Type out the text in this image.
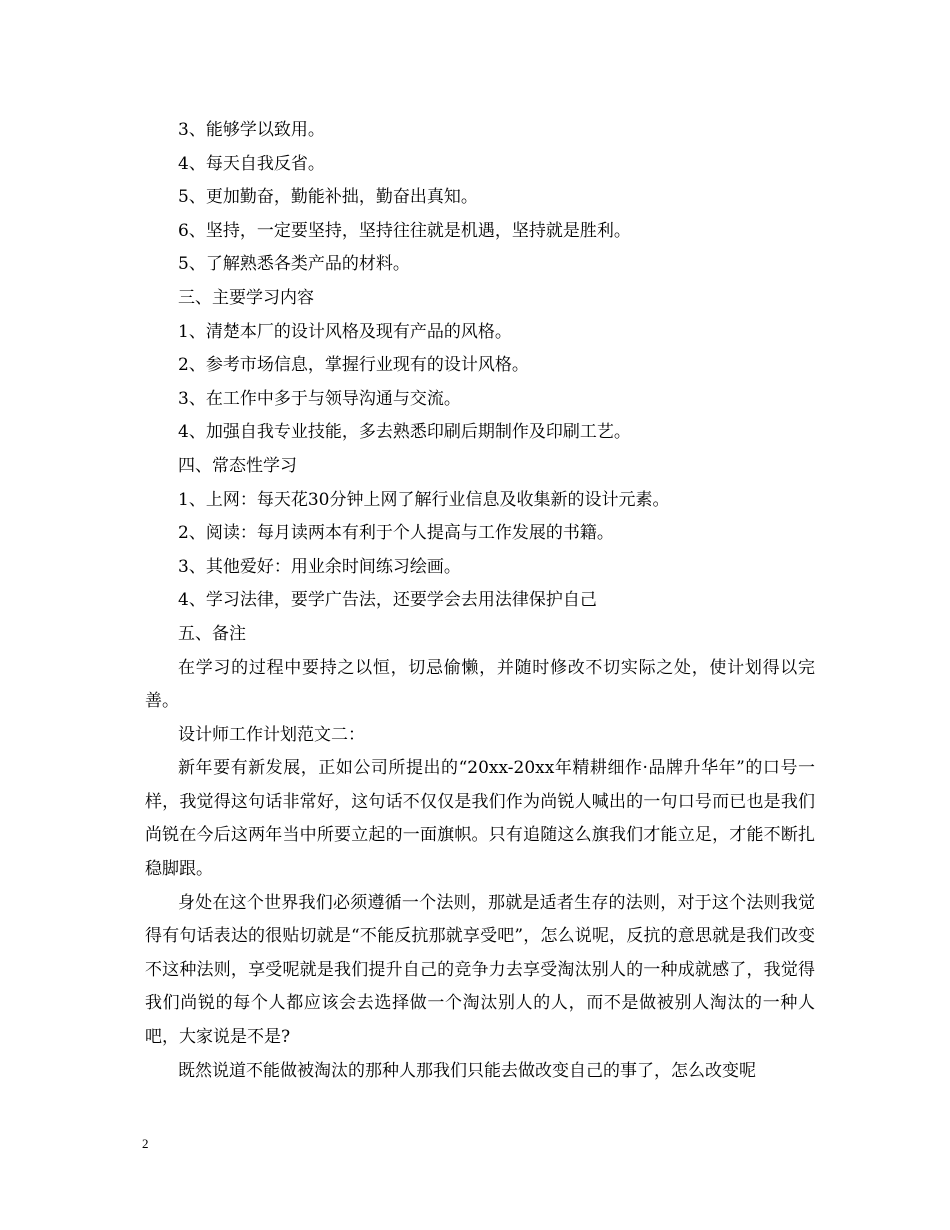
3、能够学以致用。
4、每天自我反省。
5、更加勤奋，勤能补拙，勤奋出真知。
6、坚持，一定要坚持，坚持往往就是机遇，坚持就是胜利。
5、了解熟悉各类产品的材料。
三、主要学习内容
1、清楚本厂的设计风格及现有产品的风格。
2、参考市场信息，掌握行业现有的设计风格。
3、在工作中多于与领导沟通与交流。
4、加强自我专业技能，多去熟悉印刷后期制作及印刷工艺。
四、常态性学习
1、上网：每天花30分钟上网了解行业信息及收集新的设计元素。
2、阅读：每月读两本有利于个人提高与工作发展的书籍。
3、其他爱好：用业余时间练习绘画。
4、学习法律，要学广告法，还要学会去用法律保护自己
五、备注
在学习的过程中要持之以恒，切忌偷懒，并随时修改不切实际之处，使计划得以完善。
设计师工作计划范文二：
新年要有新发展，正如公司所提出的“20xx-20xx年精耕细作·品牌升华年”的口号一样，我觉得这句话非常好，这句话不仅仅是我们作为尚锐人喊出的一句口号而已也是我们尚锐在今后这两年当中所要立起的一面旗帜。只有追随这么旗我们才能立足，才能不断扎稳脚跟。
身处在这个世界我们必须遵循一个法则，那就是适者生存的法则，对于这个法则我觉得有句话表达的很贴切就是“不能反抗那就享受吧”，怎么说呢，反抗的意思就是我们改变不这种法则，享受呢就是我们提升自己的竞争力去享受淘汰别人的一种成就感了，我觉得我们尚锐的每个人都应该会去选择做一个淘汰别人的人，而不是做被别人淘汰的一种人吧，大家说是不是?
既然说道不能做被淘汰的那种人那我们只能去做改变自己的事了，怎么改变呢
2
